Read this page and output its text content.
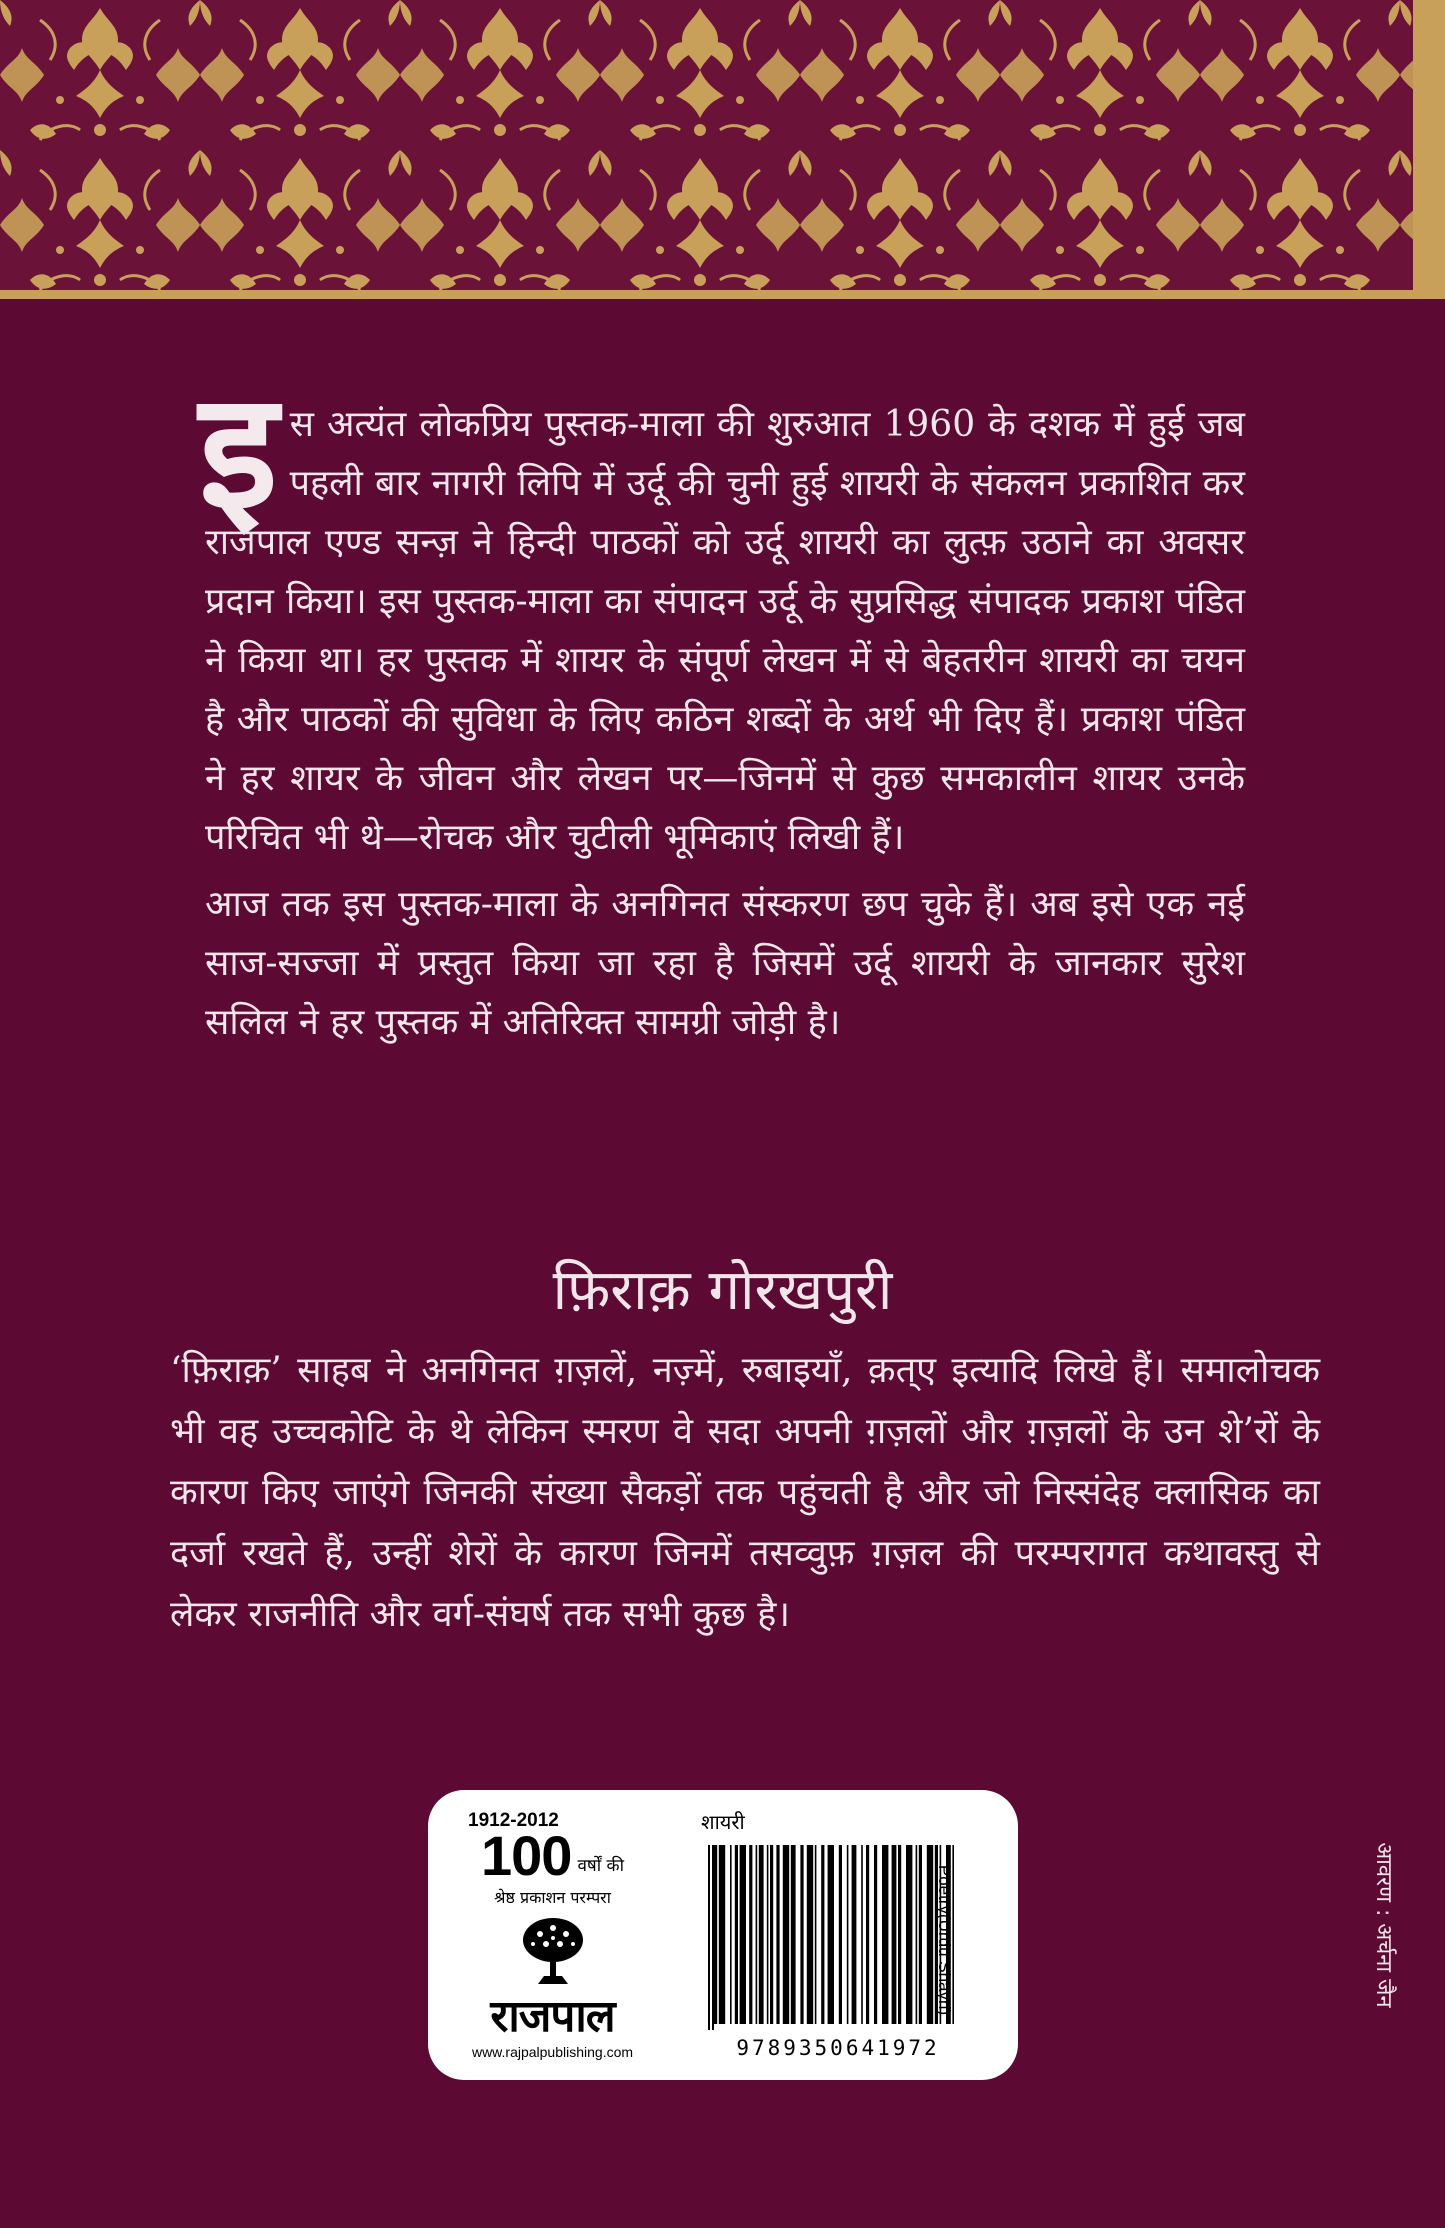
इस अत्यंत लोकप्रिय पुस्तक-माला की शुरुआत 1960 के दशक में हुई जब पहली बार नागरी लिपि में उर्दू की चुनी हुई शायरी के संकलन प्रकाशित कर राजपाल एण्ड सन्ज़ ने हिन्दी पाठकों को उर्दू शायरी का लुत्फ़ उठाने का अवसर प्रदान किया। इस पुस्तक-माला का संपादन उर्दू के सुप्रसिद्ध संपादक प्रकाश पंडित ने किया था। हर पुस्तक में शायर के संपूर्ण लेखन में से बेहतरीन शायरी का चयन है और पाठकों की सुविधा के लिए कठिन शब्दों के अर्थ भी दिए हैं। प्रकाश पंडित ने हर शायर के जीवन और लेखन पर—जिनमें से कुछ समकालीन शायर उनके परिचित भी थे—रोचक और चुटीली भूमिकाएं लिखी हैं।

आज तक इस पुस्तक-माला के अनगिनत संस्करण छप चुके हैं। अब इसे एक नई साज-सज्जा में प्रस्तुत किया जा रहा है जिसमें उर्दू शायरी के जानकार सुरेश सलिल ने हर पुस्तक में अतिरिक्त सामग्री जोड़ी है।

फ़िराक़ गोरखपुरी
‘फ़िराक़’ साहब ने अनगिनत ग़ज़लें, नज़्में, रुबाइयाँ, क़त्‌ए इत्यादि लिखे हैं। समालोचक भी वह उच्चकोटि के थे लेकिन स्मरण वे सदा अपनी ग़ज़लों और ग़ज़लों के उन शे’रों के कारण किए जाएंगे जिनकी संख्या सैकड़ों तक पहुंचती है और जो निस्संदेह क्लासिक का दर्जा रखते हैं, उन्हीं शेरों के कारण जिनमें तसव्वुफ़ ग़ज़ल की परम्परागत कथावस्तु से लेकर राजनीति और वर्ग-संघर्ष तक सभी कुछ है।
1912-2012
100 वर्षों की
श्रेष्ठ प्रकाशन परम्परा
राजपाल
www.rajpalpublishing.com
शायरी
9789350641972
Poetry(Urdu Shayri)	आवरण : अर्चना जैन
